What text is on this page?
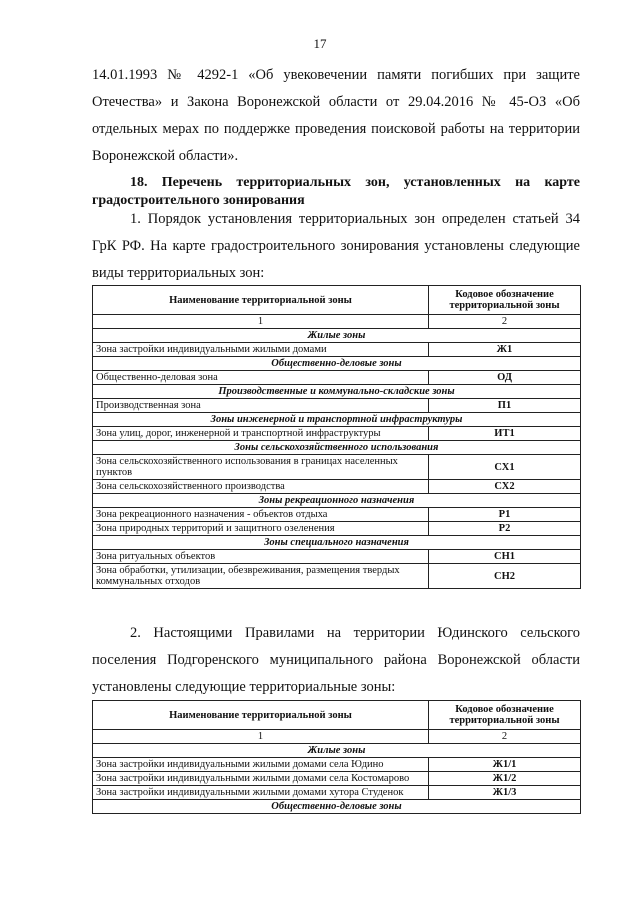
17
14.01.1993 № 4292-1 «Об увековечении памяти погибших при защите
Отечества» и Закона Воронежской области от 29.04.2016 № 45-ОЗ «Об
отдельных мерах по поддержке проведения поисковой работы на территории
Воронежской области».
18. Перечень территориальных зон, установленных на карте
градостроительного зонирования
1. Порядок установления территориальных зон определен статьей 34
ГрК РФ. На карте градостроительного зонирования установлены следующие
виды территориальных зон:
Наименование территориальной зоны	Кодовое обозначение территориальной зоны
1	2
Жилые зоны	
Зона застройки индивидуальными жилыми домами	Ж1
Общественно-деловые зоны	
Общественно-деловая зона	ОД
Производственные и коммунально-складские зоны	
Производственная зона	П1
Зоны инженерной и транспортной инфраструктуры	
Зона улиц, дорог, инженерной и транспортной инфраструктуры	ИТ1
Зоны сельскохозяйственного использования	
Зона сельскохозяйственного использования в границах населенных пунктов	СХ1
Зона сельскохозяйственного производства	СХ2
Зоны рекреационного назначения	
Зона рекреационного назначения - объектов отдыха	Р1
Зона природных территорий и защитного озеленения	Р2
Зоны специального назначения	
Зона ритуальных объектов	СН1
Зона обработки, утилизации, обезвреживания, размещения твердых коммунальных отходов	СН2
2. Настоящими Правилами на территории Юдинского сельского
поселения Подгоренского муниципального района Воронежской области
установлены следующие территориальные зоны:
Наименование территориальной зоны	Кодовое обозначение территориальной зоны
1	2
Жилые зоны	
Зона застройки индивидуальными жилыми домами села Юдино	Ж1/1
Зона застройки индивидуальными жилыми домами села Костомарово	Ж1/2
Зона застройки индивидуальными жилыми домами хутора Студенок	Ж1/3
Общественно-деловые зоны	
